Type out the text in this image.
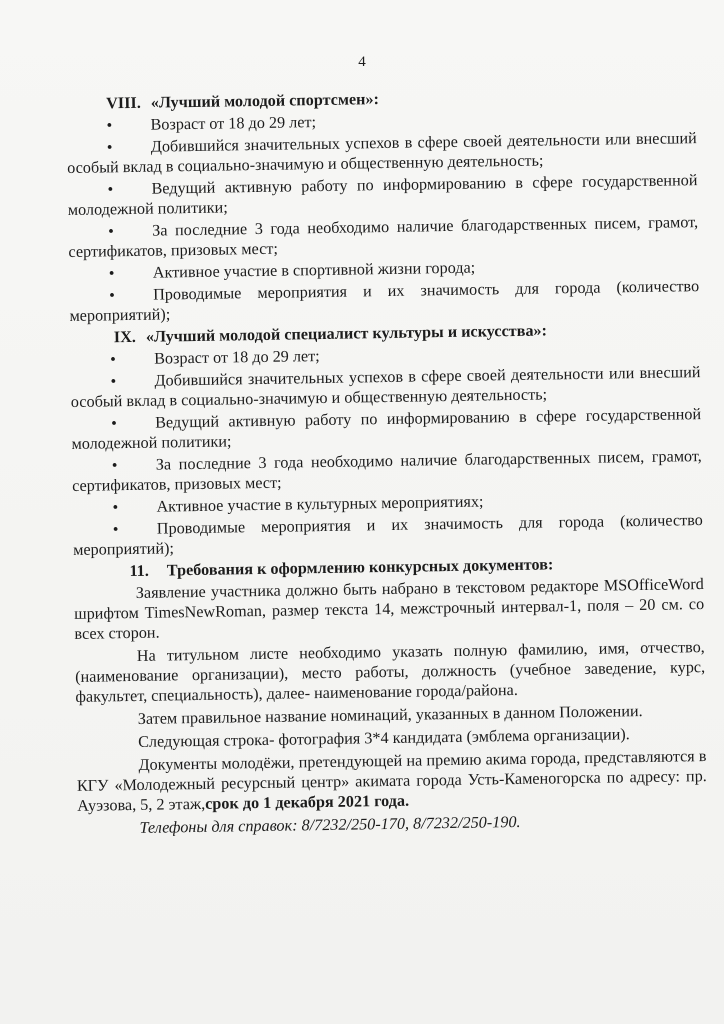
4
VIII. «Лучший молодой спортсмен»:
•	Возраст от 18 до 29 лет;
•	Добившийся значительных успехов в сфере своей деятельности или внесший особый вклад в социально-значимую и общественную деятельность;
•	Ведущий активную работу по информированию в сфере государственной молодежной политики;
•	За последние 3 года необходимо наличие благодарственных писем, грамот, сертификатов, призовых мест;
•	Активное участие в спортивной жизни города;
•	Проводимые мероприятия и их значимость для города (количество мероприятий);
IX. «Лучший молодой специалист культуры и искусства»:
•	Возраст от 18 до 29 лет;
•	Добившийся значительных успехов в сфере своей деятельности или внесший особый вклад в социально-значимую и общественную деятельность;
•	Ведущий активную работу по информированию в сфере государственной молодежной политики;
•	За последние 3 года необходимо наличие благодарственных писем, грамот, сертификатов, призовых мест;
•	Активное участие в культурных мероприятиях;
•	Проводимые мероприятия и их значимость для города (количество мероприятий);
11. Требования к оформлению конкурсных документов:

Заявление участника должно быть набрано в текстовом редакторе MSOfficeWord шрифтом TimesNewRoman, размер текста 14, межстрочный интервал-1, поля – 20 см. со всех сторон.

На титульном листе необходимо указать полную фамилию, имя, отчество,(наименование организации), место работы, должность (учебное заведение, курс, факультет, специальность), далее- наименование города/района.

Затем правильное название номинаций, указанных в данном Положении.

Следующая строка- фотография 3*4 кандидата (эмблема организации).

Документы молодёжи, претендующей на премию акима города, представляются в КГУ «Молодежный ресурсный центр» акимата города Усть-Каменогорска по адресу: пр. Ауэзова, 5, 2 этаж,срок до 1 декабря 2021 года.

Телефоны для справок: 8/7232/250-170, 8/7232/250-190.
